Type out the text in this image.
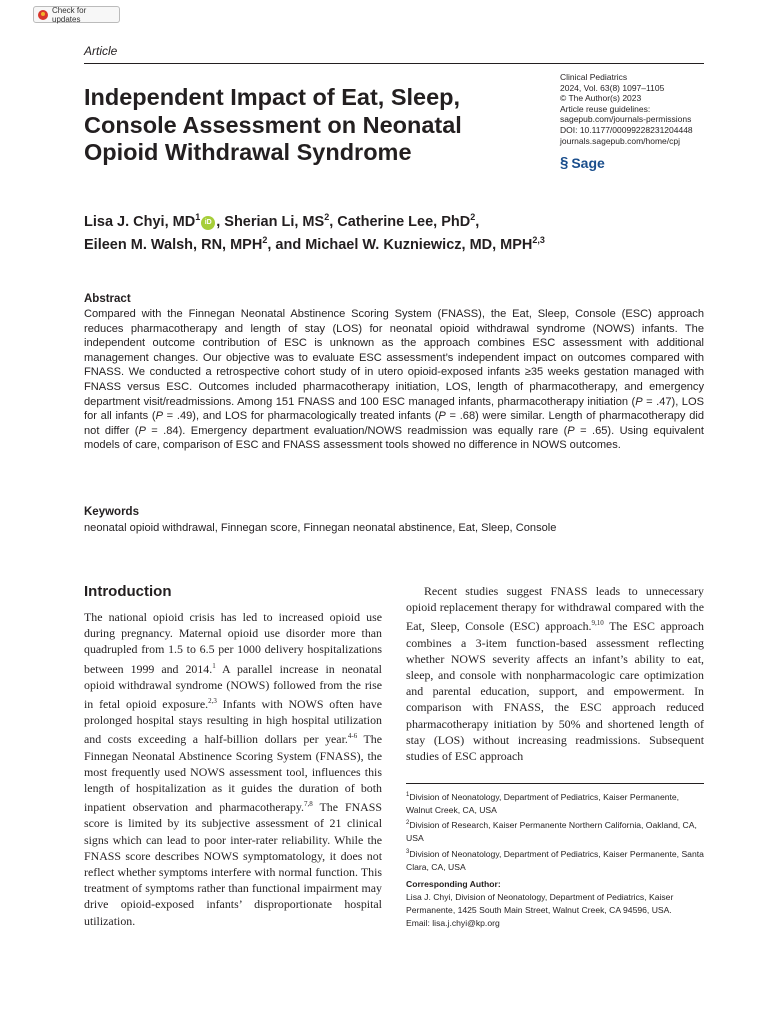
Check for updates
Article
Independent Impact of Eat, Sleep, Console Assessment on Neonatal Opioid Withdrawal Syndrome
Clinical Pediatrics
2024, Vol. 63(8) 1097–1105
© The Author(s) 2023
Article reuse guidelines:
sagepub.com/journals-permissions
DOI: 10.1177/00099228231204448
journals.sagepub.com/home/cpj
§ Sage
Lisa J. Chyi, $MD^1iD$ , Sherian Li, $MS^2$, Catherine Lee, PhD$^2$,
Eileen M. Walsh, RN, MPH$^2$, and Michael W. Kuzniewicz, MD, MPH$^{2,3}$
Abstract
Compared with the Finnegan Neonatal Abstinence Scoring System (FNASS), the Eat, Sleep, Console (ESC) approach reduces pharmacotherapy and length of stay (LOS) for neonatal opioid withdrawal syndrome (NOWS) infants. The independent outcome contribution of ESC is unknown as the approach combines ESC assessment with additional management changes. Our objective was to evaluate ESC assessment’s independent impact on outcomes compared with FNASS. We conducted a retrospective cohort study of in utero opioid-exposed infants ≥35 weeks gestation managed with FNASS versus ESC. Outcomes included pharmacotherapy initiation, LOS, length of pharmacotherapy, and emergency department visit/readmissions. Among 151 FNASS and 100 ESC managed infants, pharmacotherapy initiation (P = .47), LOS for all infants (P = .49), and LOS for pharmacologically treated infants (P = .68) were similar. Length of pharmacotherapy did not differ (P = .84). Emergency department evaluation/NOWS readmission was equally rare (P = .65). Using equivalent models of care, comparison of ESC and FNASS assessment tools showed no difference in NOWS outcomes.
Keywords
neonatal opioid withdrawal, Finnegan score, Finnegan neonatal abstinence, Eat, Sleep, Console
Introduction
The national opioid crisis has led to increased opioid use during pregnancy. Maternal opioid use disorder more than quadrupled from 1.5 to 6.5 per 1000 delivery hospitalizations between 1999 and 2014.$^1$ A parallel increase in neonatal opioid withdrawal syndrome (NOWS) followed from the rise in fetal opioid exposure.$^{2,3}$ Infants with NOWS often have prolonged hospital stays resulting in high hospital utilization and costs exceeding a half-billion dollars per year.$^{4-6}$ The Finnegan Neonatal Abstinence Scoring System (FNASS), the most frequently used NOWS assessment tool, influences this length of hospitalization as it guides the duration of both inpatient observation and pharmacotherapy.$^{7,8}$ The FNASS score is limited by its subjective assessment of 21 clinical signs which can lead to poor inter-rater reliability. While the FNASS score describes NOWS symptomatology, it does not reflect whether symptoms interfere with normal function. This treatment of symptoms rather than functional impairment may drive opioid-exposed infants’ disproportionate hospital utilization.
Recent studies suggest FNASS leads to unnecessary opioid replacement therapy for withdrawal compared with the Eat, Sleep, Console (ESC) approach.$^{9,10}$ The ESC approach combines a 3-item function-based assessment reflecting whether NOWS severity affects an infant’s ability to eat, sleep, and console with nonpharmacologic care optimization and parental education, support, and empowerment. In comparison with FNASS, the ESC approach reduced pharmacotherapy initiation by 50% and shortened length of stay (LOS) without increasing readmissions. Subsequent studies of ESC approach
$^1$Division of Neonatology, Department of Pediatrics, Kaiser Permanente, Walnut Creek, CA, USA
$^2$Division of Research, Kaiser Permanente Northern California, Oakland, CA, USA
$^3$Division of Neonatology, Department of Pediatrics, Kaiser Permanente, Santa Clara, CA, USA
Corresponding Author:
Lisa J. Chyi, Division of Neonatology, Department of Pediatrics, Kaiser Permanente, 1425 South Main Street, Walnut Creek, CA 94596, USA.
Email: lisa.j.chyi@kp.org
